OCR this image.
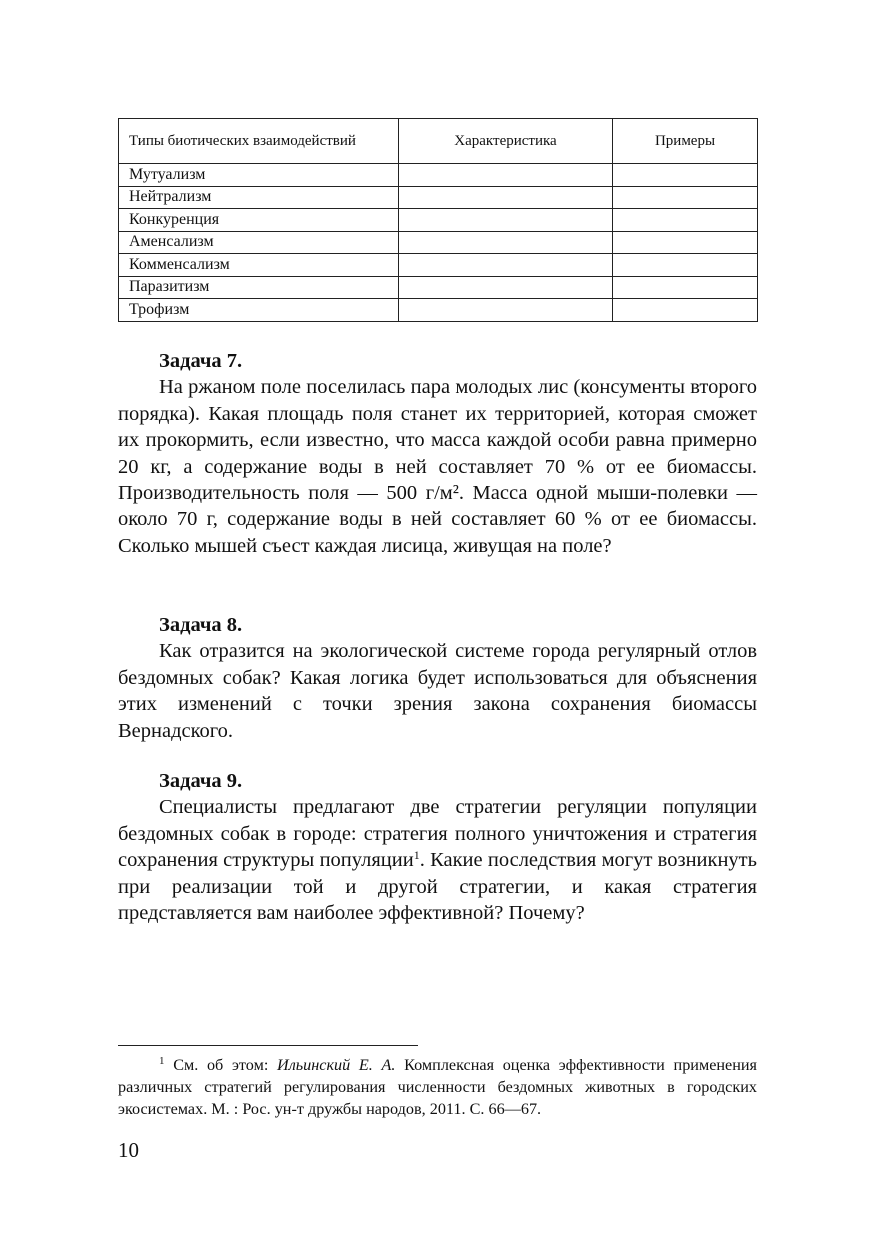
Типы биотических взаимодействий	Характеристика	Примеры
Мутуализм		
Нейтрализм		
Конкуренция		
Аменсализм		
Комменсализм		
Паразитизм		
Трофизм		
Задача 7.

На ржаном поле поселилась пара молодых лис (консументы второго порядка). Какая площадь поля станет их территорией, которая сможет их прокормить, если известно, что масса каждой особи равна примерно 20 кг, а содержание воды в ней составляет 70 % от ее биомассы. Производительность поля — 500 г/м². Масса одной мыши-полевки — около 70 г, содержание воды в ней составляет 60 % от ее биомассы. Сколько мышей съест каждая лисица, живущая на поле?

Задача 8.

Как отразится на экологической системе города регулярный отлов бездомных собак? Какая логика будет использоваться для объяснения этих изменений с точки зрения закона сохранения биомассы Вернадского.

Задача 9.

Специалисты предлагают две стратегии регуляции популяции бездомных собак в городе: стратегия полного уничтожения и стратегия сохранения структуры популяции$^1$. Какие последствия могут возникнуть при реализации той и другой стратегии, и какая стратегия представляется вам наиболее эффективной? Почему?

$^1$ См. об этом: Ильинский Е. А. Комплексная оценка эффективности применения различных стратегий регулирования численности бездомных животных в городских экосистемах. М. : Рос. ун-т дружбы народов, 2011. С. 66—67.
10
